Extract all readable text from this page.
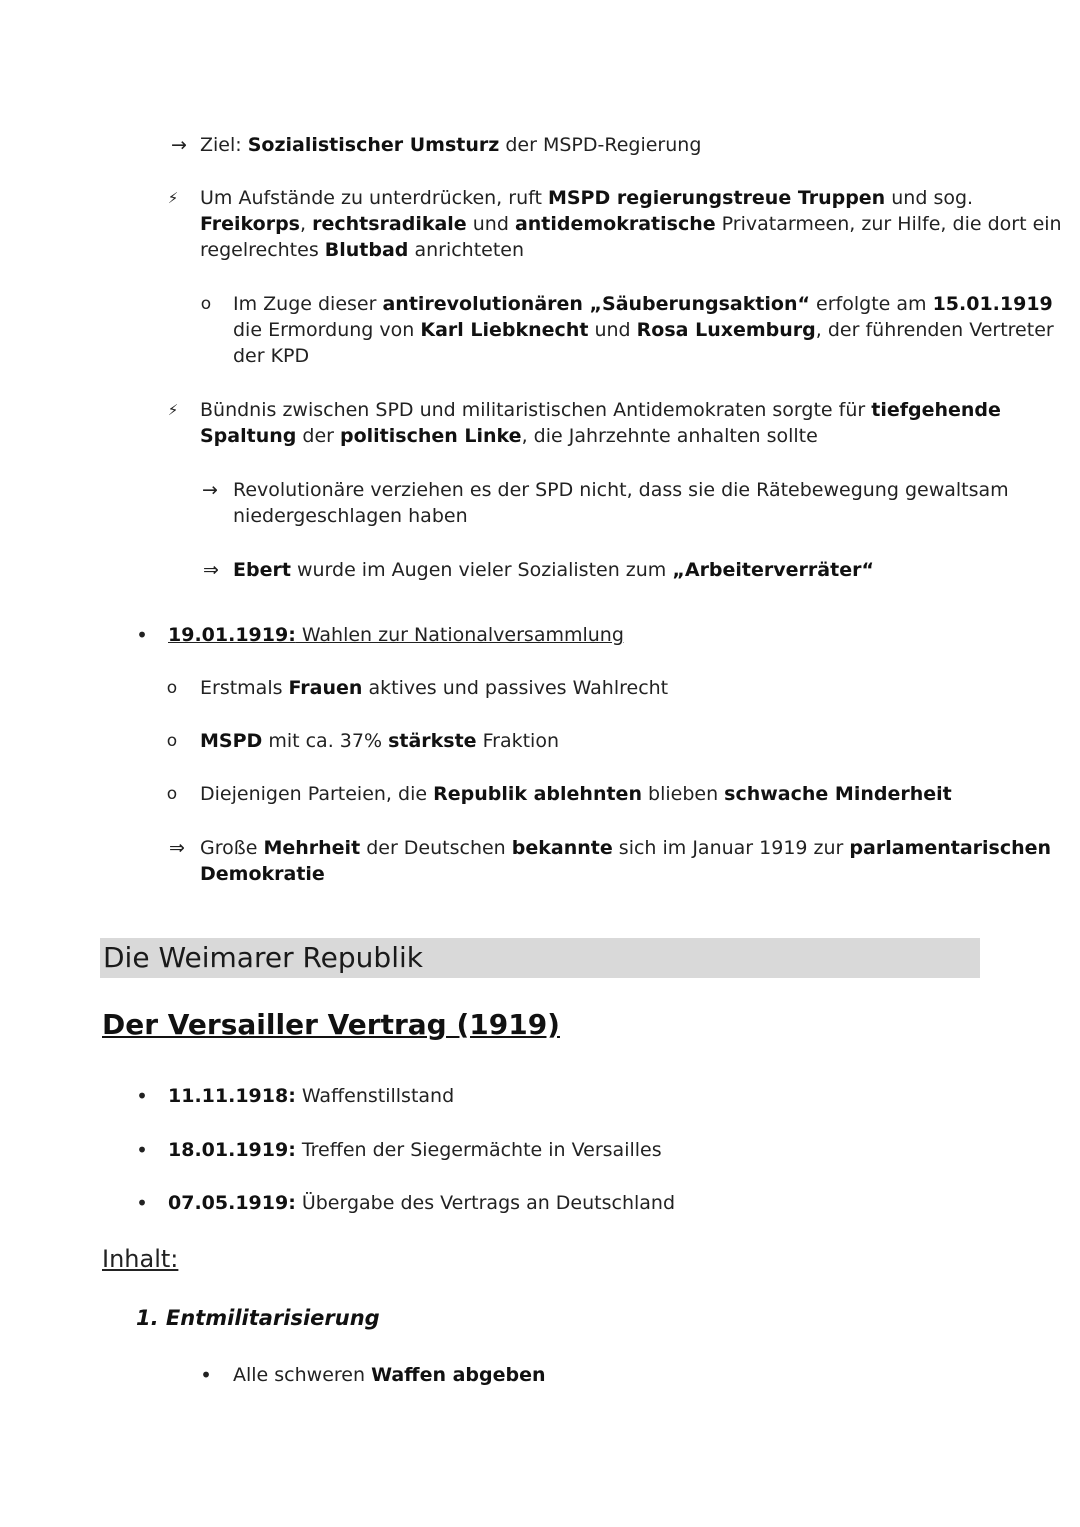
→ Ziel: Sozialistischer Umsturz der MSPD-Regierung
⚡	Um Aufstände zu unterdrücken, ruft MSPD regierungstreue Truppen und sog.
Freikorps, rechtsradikale und antidemokratische Privatarmeen, zur Hilfe, die dort ein
regelrechtes Blutbad anrichteten
o Im Zuge dieser antirevolutionären „Säuberungsaktion“ erfolgte am 15.01.1919
die Ermordung von Karl Liebknecht und Rosa Luxemburg, der führenden Vertreter
der KPD
⚡	Bündnis zwischen SPD und militaristischen Antidemokraten sorgte für tiefgehende
Spaltung der politischen Linke, die Jahrzehnte anhalten sollte
→ Revolutionäre verziehen es der SPD nicht, dass sie die Rätebewegung gewaltsam
niedergeschlagen haben
⇒ Ebert wurde im Augen vieler Sozialisten zum „Arbeiterverräter“
• 19.01.1919: Wahlen zur Nationalversammlung
o Erstmals Frauen aktives und passives Wahlrecht
o MSPD mit ca. 37% stärkste Fraktion
o Diejenigen Parteien, die Republik ablehnten blieben schwache Minderheit
⇒ Große Mehrheit der Deutschen bekannte sich im Januar 1919 zur parlamentarischen
Demokratie
Die Weimarer Republik
Der Versailler Vertrag (1919)
• 11.11.1918: Waffenstillstand
• 18.01.1919: Treffen der Siegermächte in Versailles
• 07.05.1919: Übergabe des Vertrags an Deutschland
Inhalt:
1. Entmilitarisierung
• Alle schweren Waffen abgeben
